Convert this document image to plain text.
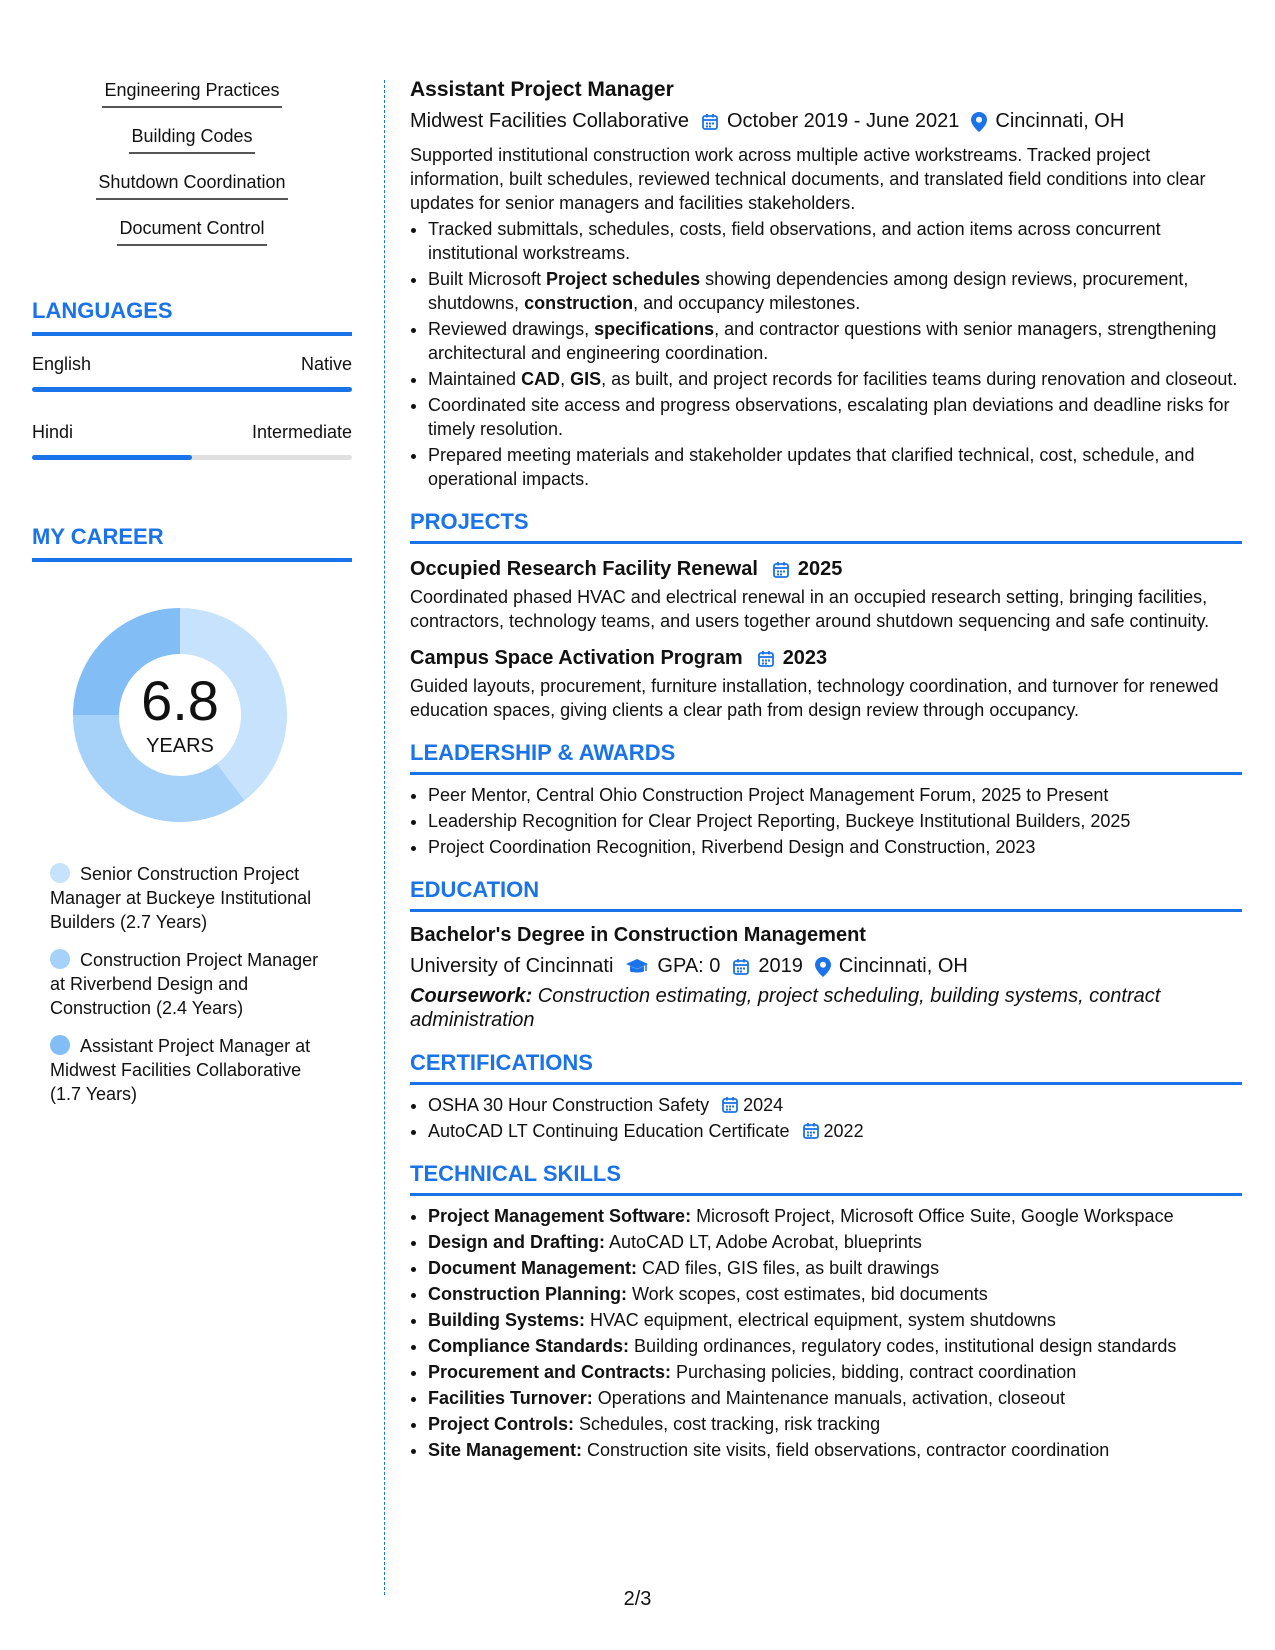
Engineering Practices
Building Codes
Shutdown Coordination
Document Control
LANGUAGES
English	Native
Hindi	Intermediate
MY CAREER
6.8
YEARS
Senior Construction Project Manager at Buckeye Institutional Builders (2.7 Years)
Construction Project Manager at Riverbend Design and Construction (2.4 Years)
Assistant Project Manager at Midwest Facilities Collaborative (1.7 Years)
Assistant Project Manager
Midwest Facilities Collaborative October 2019 - June 2021 Cincinnati, OH
Supported institutional construction work across multiple active workstreams. Tracked project information, built schedules, reviewed technical documents, and translated field conditions into clear updates for senior managers and facilities stakeholders.
• Tracked submittals, schedules, costs, field observations, and action items across concurrent institutional workstreams.
• Built Microsoft Project schedules showing dependencies among design reviews, procurement, shutdowns, construction, and occupancy milestones.
• Reviewed drawings, specifications, and contractor questions with senior managers, strengthening architectural and engineering coordination.
• Maintained CAD, GIS, as built, and project records for facilities teams during renovation and closeout.
• Coordinated site access and progress observations, escalating plan deviations and deadline risks for timely resolution.
• Prepared meeting materials and stakeholder updates that clarified technical, cost, schedule, and operational impacts.
PROJECTS
Occupied Research Facility Renewal 2025
Coordinated phased HVAC and electrical renewal in an occupied research setting, bringing facilities, contractors, technology teams, and users together around shutdown sequencing and safe continuity.
Campus Space Activation Program 2023
Guided layouts, procurement, furniture installation, technology coordination, and turnover for renewed education spaces, giving clients a clear path from design review through occupancy.
LEADERSHIP & AWARDS
• Peer Mentor, Central Ohio Construction Project Management Forum, 2025 to Present
• Leadership Recognition for Clear Project Reporting, Buckeye Institutional Builders, 2025
• Project Coordination Recognition, Riverbend Design and Construction, 2023
EDUCATION
Bachelor's Degree in Construction Management
University of Cincinnati GPA: 0 2019 Cincinnati, OH
Coursework: Construction estimating, project scheduling, building systems, contract administration
CERTIFICATIONS
• OSHA 30 Hour Construction Safety 2024
• AutoCAD LT Continuing Education Certificate 2022
TECHNICAL SKILLS
• Project Management Software: Microsoft Project, Microsoft Office Suite, Google Workspace
• Design and Drafting: AutoCAD LT, Adobe Acrobat, blueprints
• Document Management: CAD files, GIS files, as built drawings
• Construction Planning: Work scopes, cost estimates, bid documents
• Building Systems: HVAC equipment, electrical equipment, system shutdowns
• Compliance Standards: Building ordinances, regulatory codes, institutional design standards
• Procurement and Contracts: Purchasing policies, bidding, contract coordination
• Facilities Turnover: Operations and Maintenance manuals, activation, closeout
• Project Controls: Schedules, cost tracking, risk tracking
• Site Management: Construction site visits, field observations, contractor coordination
2/3
